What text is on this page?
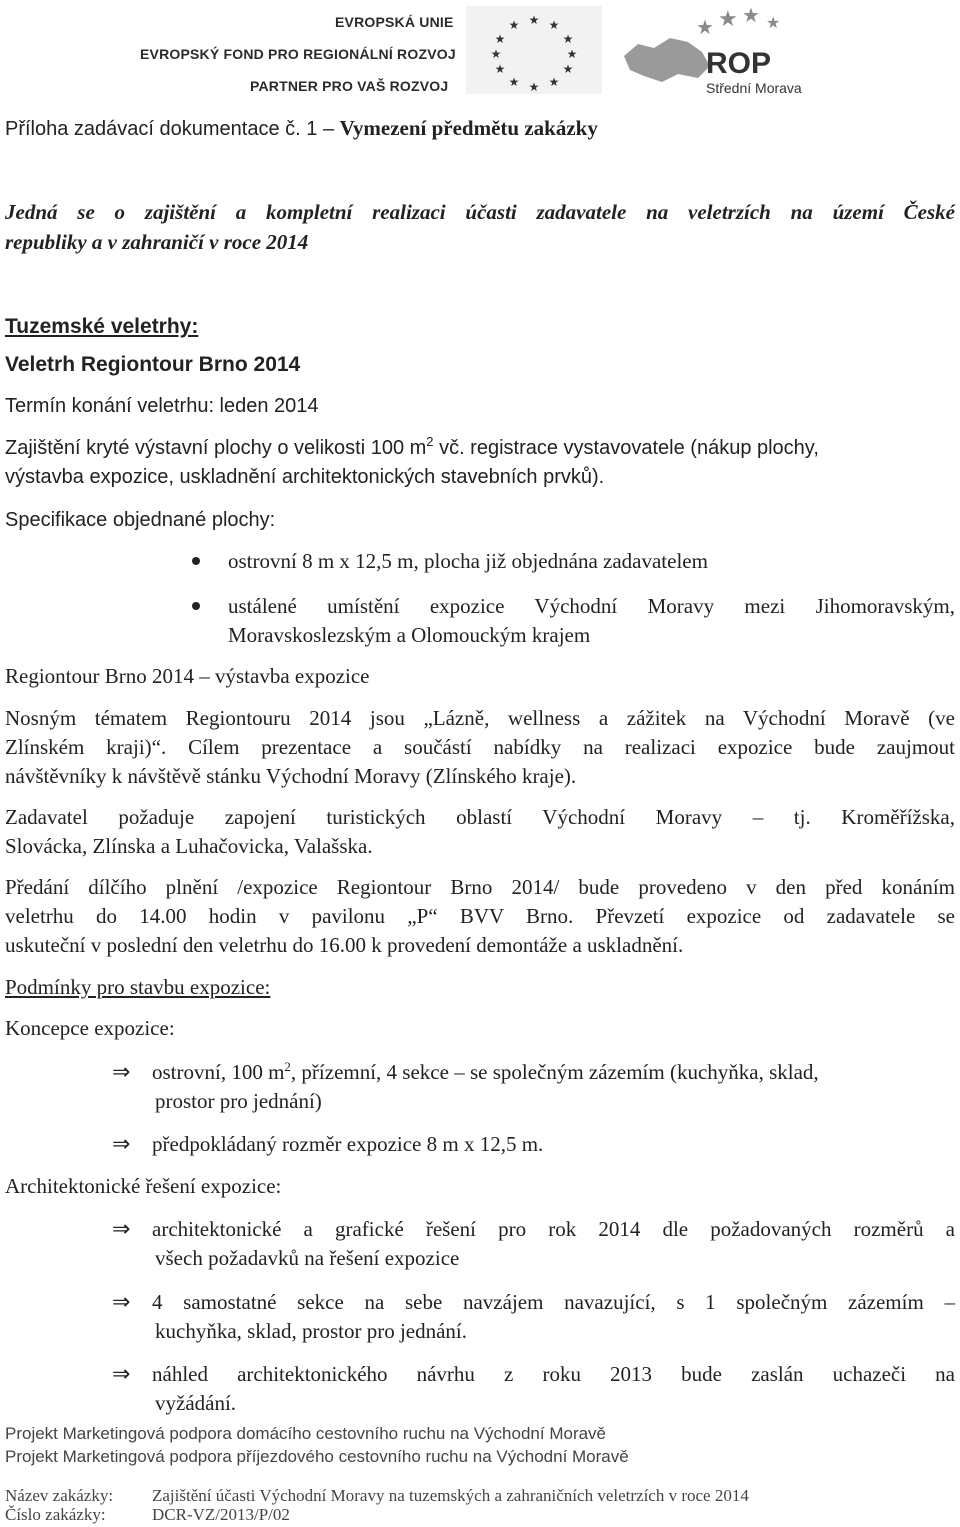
EVROPSKÁ UNIE
EVROPSKÝ FOND PRO REGIONÁLNÍ ROZVOJ
PARTNER PRO VAŠ ROZVOJ
★ ★
★
★
★
★
★
★
★
★
★
★	★ ★ ★ ★
ROP
Střední Morava
Příloha zadávací dokumentace č. 1 – Vymezení předmětu zakázky
Jedná se o zajištění a kompletní realizaci účasti zadavatele na veletrzích na území České
republiky a v zahraničí v roce 2014
Tuzemské veletrhy:
Veletrh Regiontour Brno 2014
Termín konání veletrhu: leden 2014
Zajištění kryté výstavní plochy o velikosti 100 $m^2$ vč. registrace vystavovatele (nákup plochy,
výstavba expozice, uskladnění architektonických stavebních prvků).
Specifikace objednané plochy:
ostrovní 8 m x 12,5 m, plocha již objednána zadavatelem
ustálené umístění expozice Východní Moravy mezi Jihomoravským,
Moravskoslezským a Olomouckým krajem
Regiontour Brno 2014 – výstavba expozice
Nosným tématem Regiontouru 2014 jsou „Lázně, wellness a zážitek na Východní Moravě (ve
Zlínském kraji)“. Cílem prezentace a součástí nabídky na realizaci expozice bude zaujmout
návštěvníky k návštěvě stánku Východní Moravy (Zlínského kraje).
Zadavatel požaduje zapojení turistických oblastí Východní Moravy – tj. Kroměřížska,
Slovácka, Zlínska a Luhačovicka, Valašska.
Předání dílčího plnění /expozice Regiontour Brno 2014/ bude provedeno v den před konáním
veletrhu do 14.00 hodin v pavilonu „P“ BVV Brno. Převzetí expozice od zadavatele se
uskuteční v poslední den veletrhu do 16.00 k provedení demontáže a uskladnění.
Podmínky pro stavbu expozice:
Koncepce expozice:
⇒ ostrovní, 100 $m^2$, přízemní, 4 sekce – se společným zázemím (kuchyňka, sklad,
prostor pro jednání)
⇒ předpokládaný rozměr expozice 8 m x 12,5 m.
Architektonické řešení expozice:
⇒ architektonické a grafické řešení pro rok 2014 dle požadovaných rozměrů a
všech požadavků na řešení expozice
⇒ 4 samostatné sekce na sebe navzájem navazující, s 1 společným zázemím –
kuchyňka, sklad, prostor pro jednání.
⇒ náhled architektonického návrhu z roku 2013 bude zaslán uchazeči na
vyžádání.
Projekt Marketingová podpora domácího cestovního ruchu na Východní Moravě
Projekt Marketingová podpora příjezdového cestovního ruchu na Východní Moravě
Název zakázky: Zajištění účasti Východní Moravy na tuzemských a zahraničních veletrzích v roce 2014
Číslo zakázky:	DCR-VZ/2013/P/02
